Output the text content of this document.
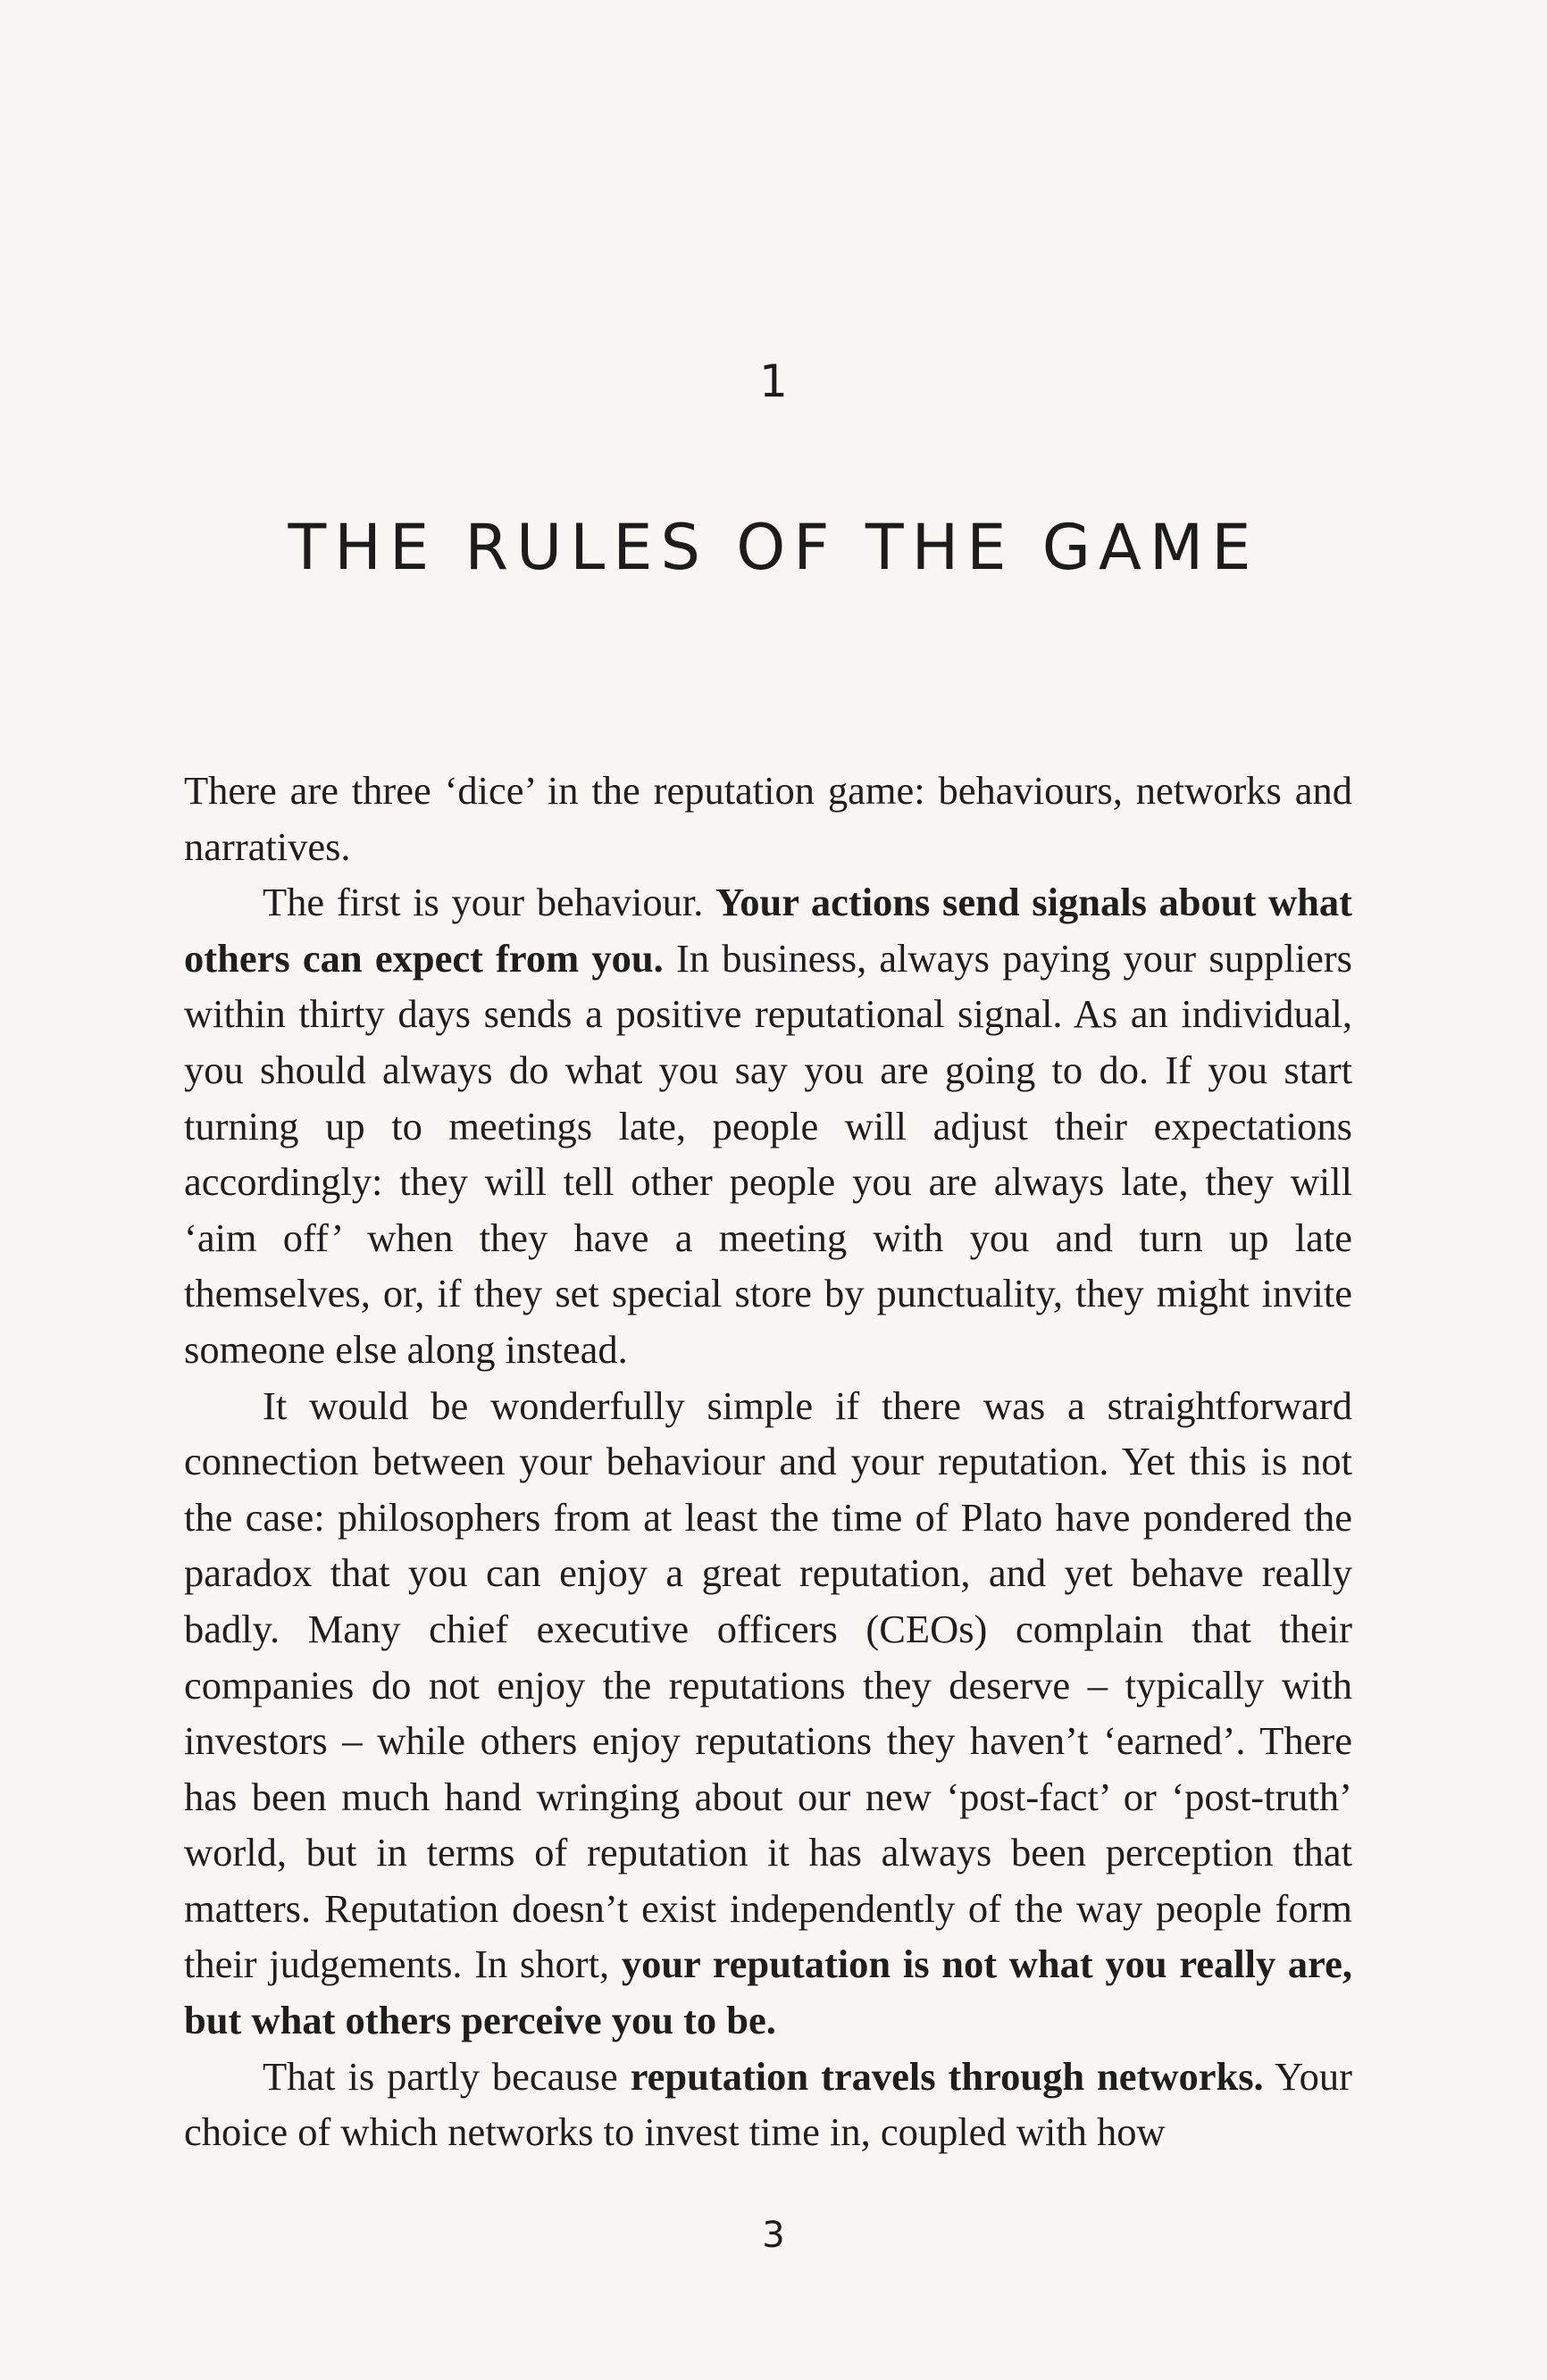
1
THE RULES OF THE GAME

There are three ‘dice’ in the reputation game: behaviours, networks and narratives.

The first is your behaviour. Your actions send signals about what others can expect from you. In business, always paying your suppliers within thirty days sends a positive reputational signal. As an individual, you should always do what you say you are going to do. If you start turning up to meetings late, people will adjust their expectations accordingly: they will tell other people you are always late, they will ‘aim off’ when they have a meeting with you and turn up late themselves, or, if they set special store by punctuality, they might invite someone else along instead.

It would be wonderfully simple if there was a straightforward connection between your behaviour and your reputation. Yet this is not the case: philosophers from at least the time of Plato have pondered the paradox that you can enjoy a great reputation, and yet behave really badly. Many chief executive officers (CEOs) complain that their companies do not enjoy the reputations they deserve – typically with investors – while others enjoy reputations they haven’t ‘earned’. There has been much hand wringing about our new ‘post-fact’ or ‘post-truth’ world, but in terms of reputation it has always been perception that matters. Reputation doesn’t exist independently of the way people form their judgements. In short, your reputation is not what you really are, but what others perceive you to be.

That is partly because reputation travels through networks. Your choice of which networks to invest time in, coupled with how

3
